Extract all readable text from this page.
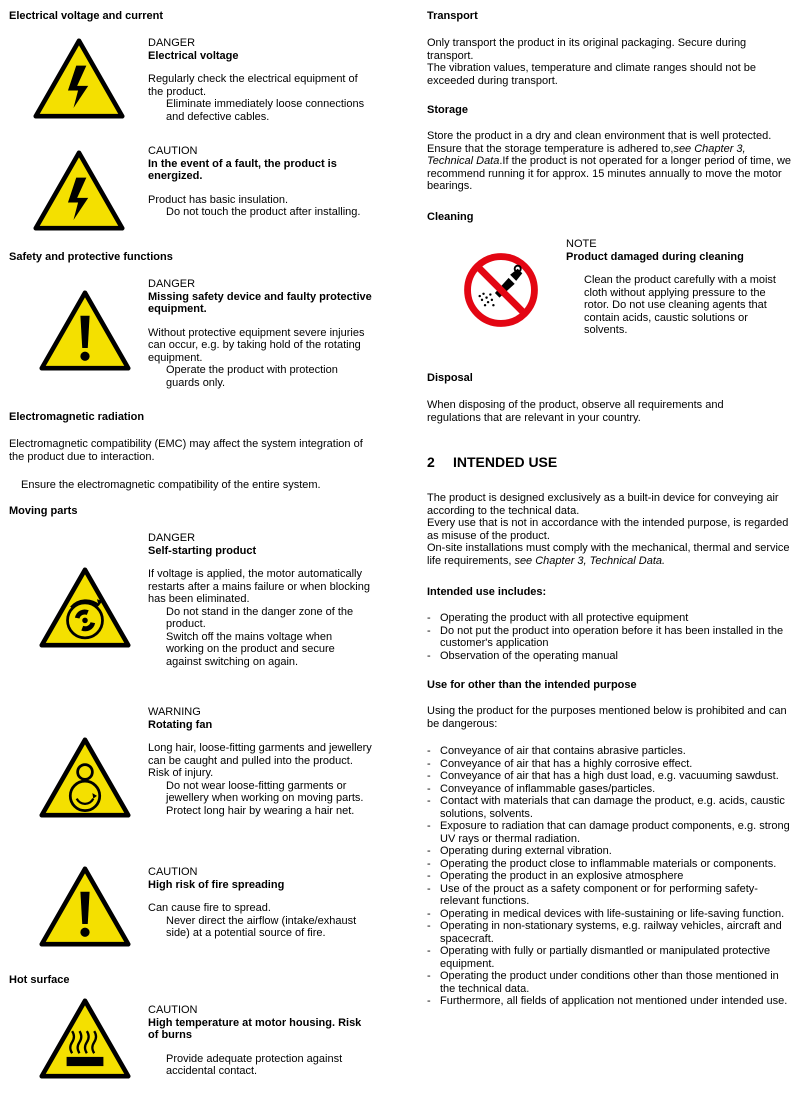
Electrical voltage and current
DANGER
Electrical voltage
Regularly check the electrical equipment of the product.
Eliminate immediately loose connections and defective cables.
CAUTION
In the event of a fault, the product is energized.
Product has basic insulation.
Do not touch the product after installing.
Safety and protective functions
DANGER
Missing safety device and faulty protective equipment.
Without protective equipment severe injuries can occur, e.g. by taking hold of the rotating equipment.
Operate the product with protection guards only.
Electromagnetic radiation
Electromagnetic compatibility (EMC) may affect the system integration of the product due to interaction.
Ensure the electromagnetic compatibility of the entire system.
Moving parts
DANGER
Self-starting product
If voltage is applied, the motor automatically restarts after a mains failure or when blocking has been eliminated.
Do not stand in the danger zone of the product.
Switch off the mains voltage when working on the product and secure against switching on again.
WARNING
Rotating fan
Long hair, loose-fitting garments and jewellery can be caught and pulled into the product. Risk of injury.
Do not wear loose-fitting garments or jewellery when working on moving parts.
Protect long hair by wearing a hair net.
CAUTION
High risk of fire spreading
Can cause fire to spread.
Never direct the airflow (intake/exhaust side) at a potential source of fire.
Hot surface
CAUTION
High temperature at motor housing. Risk of burns
Provide adequate protection against accidental contact.
Transport
Only transport the product in its original packaging. Secure during transport.
The vibration values, temperature and climate ranges should not be exceeded during transport.
Storage
Store the product in a dry and clean environment that is well protected. Ensure that the storage temperature is adhered to,see Chapter 3, Technical Data.If the product is not operated for a longer period of time, we recommend running it for approx. 15 minutes annually to move the motor bearings.
Cleaning
NOTE
Product damaged during cleaning
Clean the product carefully with a moist cloth without applying pressure to the rotor. Do not use cleaning agents that contain acids, caustic solutions or solvents.
Disposal
When disposing of the product, observe all requirements and regulations that are relevant in your country.
2 INTENDED USE
The product is designed exclusively as a built-in device for conveying air according to the technical data.
Every use that is not in accordance with the intended purpose, is regarded as misuse of the product.
On-site installations must comply with the mechanical, thermal and service life requirements, see Chapter 3, Technical Data.
Intended use includes:
- Operating the product with all protective equipment
- Do not put the product into operation before it has been installed in the customer's application
- Observation of the operating manual
Use for other than the intended purpose
Using the product for the purposes mentioned below is prohibited and can be dangerous:
- Conveyance of air that contains abrasive particles.
- Conveyance of air that has a highly corrosive effect.
- Conveyance of air that has a high dust load, e.g. vacuuming sawdust.
- Conveyance of inflammable gases/particles.
- Contact with materials that can damage the product, e.g. acids, caustic solutions, solvents.
- Exposure to radiation that can damage product components, e.g. strong UV rays or thermal radiation.
- Operating during external vibration.
- Operating the product close to inflammable materials or components.
- Operating the product in an explosive atmosphere
- Use of the prouct as a safety component or for performing safety-relevant functions.
- Operating in medical devices with life-sustaining or life-saving function.
- Operating in non-stationary systems, e.g. railway vehicles, aircraft and spacecraft.
- Operating with fully or partially dismantled or manipulated protective equipment.
- Operating the product under conditions other than those mentioned in the technical data.
- Furthermore, all fields of application not mentioned under intended use.
